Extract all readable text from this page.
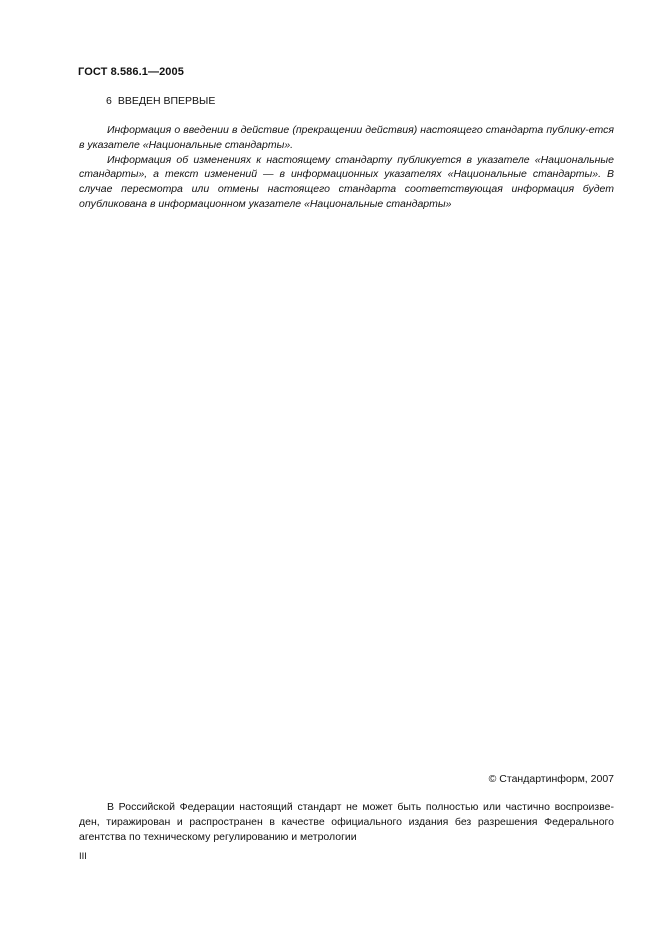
ГОСТ 8.586.1—2005
6 ВВЕДЕН ВПЕРВЫЕ

Информация о введении в действие (прекращении действия) настоящего стандарта публику-ется в указателе «Национальные стандарты».

Информация об изменениях к настоящему стандарту публикуется в указателе «Национальные стандарты», а текст изменений — в информационных указателях «Национальные стандарты». В случае пересмотра или отмены настоящего стандарта соответствующая информация будет опубликована в информационном указателе «Национальные стандарты»

© Стандартинформ, 2007

В Российской Федерации настоящий стандарт не может быть полностью или частично воспроизве-ден, тиражирован и распространен в качестве официального издания без разрешения Федерального агентства по техническому регулированию и метрологии

III
